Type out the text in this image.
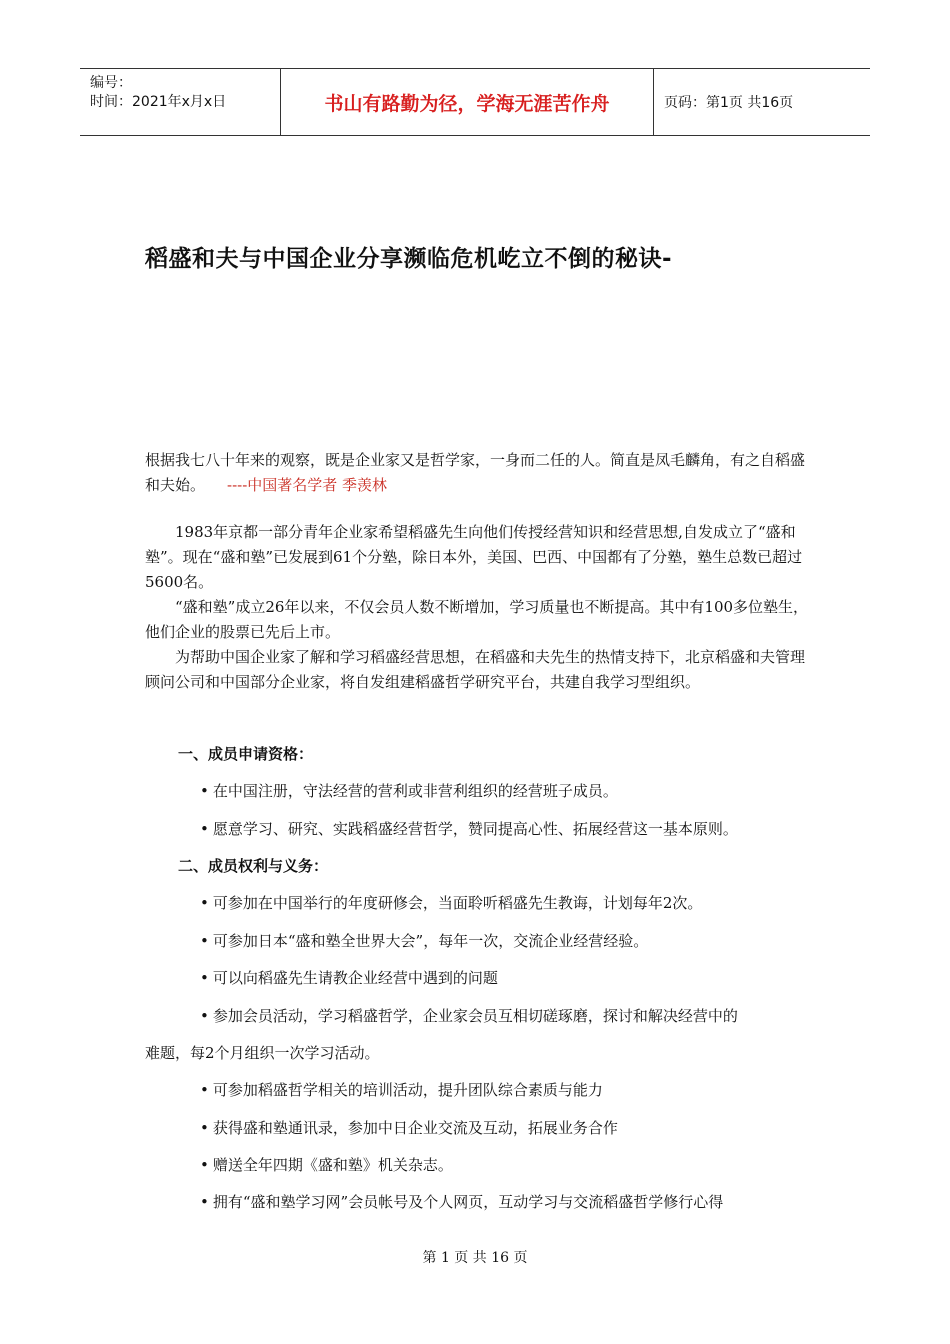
编号：
时间：2021年x月x日	书山有路勤为径，学海无涯苦作舟	页码：第1页 共16页
稻盛和夫与中国企业分享濒临危机屹立不倒的秘诀-
根据我七八十年来的观察，既是企业家又是哲学家，一身而二任的人。简直是凤毛麟角，有之自稻盛和夫始。 ----中国著名学者 季羡林

1983年京都一部分青年企业家希望稻盛先生向他们传授经营知识和经营思想,自发成立了“盛和塾”。现在“盛和塾”已发展到61个分塾，除日本外，美国、巴西、中国都有了分塾，塾生总数已超过5600名。

“盛和塾”成立26年以来，不仅会员人数不断增加，学习质量也不断提高。其中有100多位塾生，他们企业的股票已先后上市。

为帮助中国企业家了解和学习稻盛经营思想，在稻盛和夫先生的热情支持下，北京稻盛和夫管理顾问公司和中国部分企业家，将自发组建稻盛哲学研究平台，共建自我学习型组织。

一、成员申请资格：
• 在中国注册，守法经营的营利或非营利组织的经营班子成员。
• 愿意学习、研究、实践稻盛经营哲学，赞同提高心性、拓展经营这一基本原则。
二、成员权利与义务：
• 可参加在中国举行的年度研修会，当面聆听稻盛先生教诲，计划每年2次。
• 可参加日本“盛和塾全世界大会”，每年一次，交流企业经营经验。
• 可以向稻盛先生请教企业经营中遇到的问题
• 参加会员活动，学习稻盛哲学，企业家会员互相切磋琢磨，探讨和解决经营中的
难题，每2个月组织一次学习活动。
• 可参加稻盛哲学相关的培训活动，提升团队综合素质与能力
• 获得盛和塾通讯录，参加中日企业交流及互动，拓展业务合作
• 赠送全年四期《盛和塾》机关杂志。
• 拥有“盛和塾学习网”会员帐号及个人网页，互动学习与交流稻盛哲学修行心得
第 1 页 共 16 页
